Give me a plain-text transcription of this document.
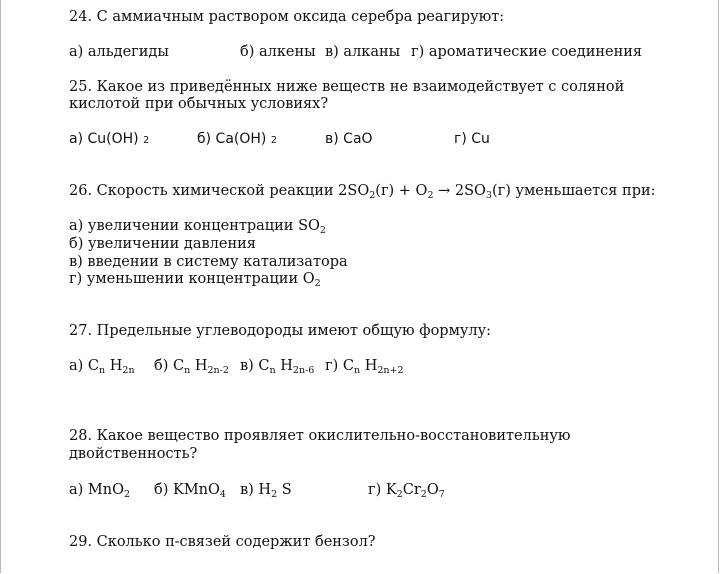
24. С аммиачным раствором оксида серебра реагируют:
а) альдегиды	б) алкены в) алканы г) ароматические соединения
25. Какое из приведённых ниже веществ не взаимодействует с соляной
кислотой при обычных условиях?
а) Cu(OH) 2	б) Ca(OH) 2	в) CaO	г) Cu
26. Скорость химической реакции $2SO_2(г) + O_2 \to 2SO_3(г)$ уменьшается при:
а) увеличении концентрации $SO_2$
б) увеличении давления
в) введении в систему катализатора
г) уменьшении концентрации $O_2$
27. Предельные углеводороды имеют общую формулу:
а) $C_n$ $H_{2n}$ б) $C_n$ $H_{2n-2}$ в) $C_n$ $H_{2n-6}$ г) $C_n$ $H_{2n+2}$
28. Какое вещество проявляет окислительно-восстановительную
двойственность?
а) MnO$_2$ б) KMnO$_4$ в) $H_2$ S	г) $K_2Cr_2O_7$
29. Сколько π-связей содержит бензол?
